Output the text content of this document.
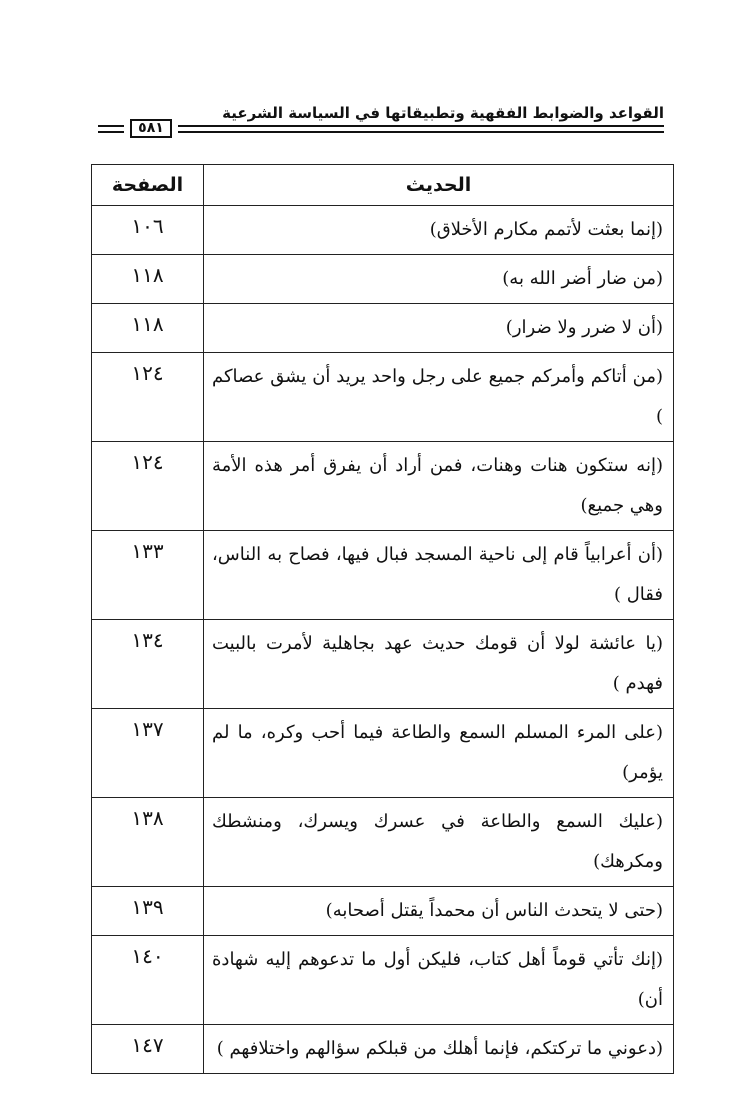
القواعد والضوابط الفقهية وتطبيقاتها في السياسة الشرعية
٥٨١
الحديث	الصفحة
(إنما بعثت لأتمم مكارم الأخلاق)	١٠٦
(من ضار أضر الله به)	١١٨
(أن لا ضرر ولا ضرار)	١١٨
(من أتاكم وأمركم جميع على رجل واحد يريد أن يشق عصاكم )	١٢٤
(إنه ستكون هنات وهنات، فمن أراد أن يفرق أمر هذه الأمة وهي جميع)	١٢٤
(أن أعرابياً قام إلى ناحية المسجد فبال فيها، فصاح به الناس، فقال )	١٣٣
(يا عائشة لولا أن قومك حديث عهد بجاهلية لأمرت بالبيت فهدم )	١٣٤
(على المرء المسلم السمع والطاعة فيما أحب وكره، ما لم يؤمر)	١٣٧
(عليك السمع والطاعة في عسرك ويسرك، ومنشطك ومكرهك)	١٣٨
(حتى لا يتحدث الناس أن محمداً يقتل أصحابه)	١٣٩
(إنك تأتي قوماً أهل كتاب، فليكن أول ما تدعوهم إليه شهادة أن)	١٤٠
(دعوني ما تركتكم، فإنما أهلك من قبلكم سؤالهم واختلافهم )	١٤٧
